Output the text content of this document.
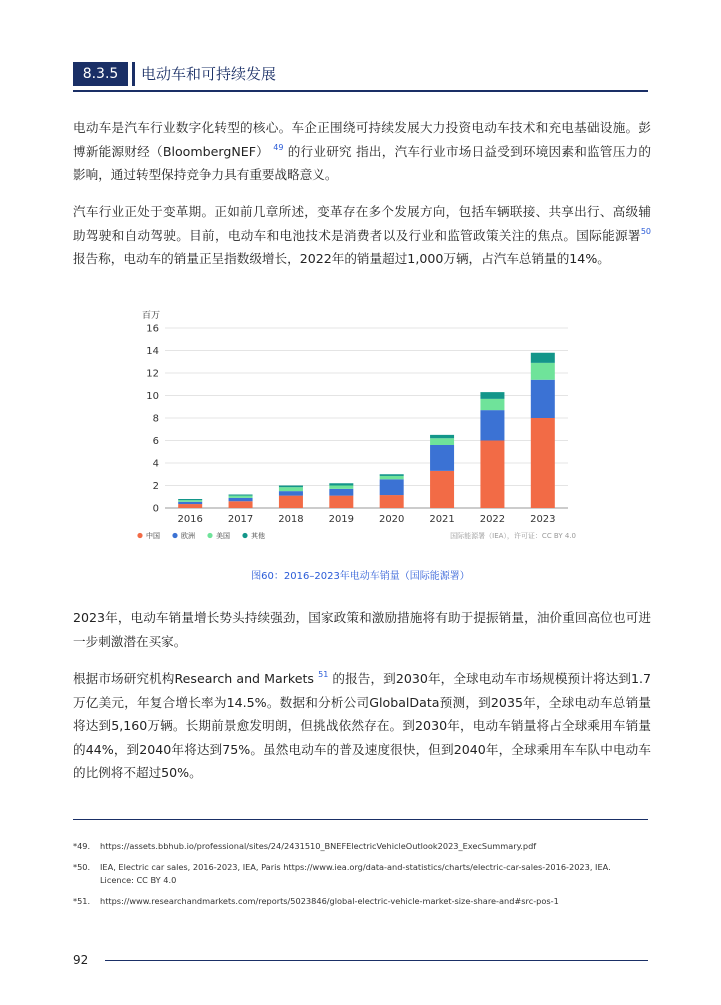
8.3.5	电动车和可持续发展
电动车是汽车行业数字化转型的核心。车企正围绕可持续发展大力投资电动车技术和充电基础设施。彭博新能源财经（BloombergNEF） $^{49}$ 的行业研究 指出，汽车行业市场日益受到环境因素和监管压力的影响，通过转型保持竞争力具有重要战略意义。
汽车行业正处于变革期。正如前几章所述，变革存在多个发展方向，包括车辆联接、共享出行、高级辅助驾驶和自动驾驶。目前，电动车和电池技术是消费者以及行业和监管政策关注的焦点。国际能源署$^{50}$ 报告称，电动车的销量正呈指数级增长，2022年的销量超过1,000万辆，占汽车总销量的14%。
百万
0
2
4
6
8
10
12
14
16
2016 2017 2018 2019 2020 2021 2022 2023
中国	欧洲	美国	其他	国际能源署（IEA），许可证：CC BY 4.0
图60：2016–2023年电动车销量（国际能源署）
2023年，电动车销量增长势头持续强劲，国家政策和激励措施将有助于提振销量，油价重回高位也可进一步刺激潜在买家。
根据市场研究机构Research and Markets $^{51}$ 的报告，到2030年，全球电动车市场规模预计将达到1.7万亿美元，年复合增长率为14.5%。数据和分析公司GlobalData预测，到2035年，全球电动车总销量将达到5,160万辆。长期前景愈发明朗，但挑战依然存在。到2030年，电动车销量将占全球乘用车销量的44%，到2040年将达到75%。虽然电动车的普及速度很快，但到2040年，全球乘用车车队中电动车的比例将不超过50%。
*49. https://assets.bbhub.io/professional/sites/24/2431510_BNEFElectricVehicleOutlook2023_ExecSummary.pdf
*50. IEA, Electric car sales, 2016-2023, IEA, Paris https://www.iea.org/data-and-statistics/charts/electric-car-sales-2016-2023, IEA. Licence: CC BY 4.0
*51. https://www.researchandmarkets.com/reports/5023846/global-electric-vehicle-market-size-share-and#src-pos-1
92
